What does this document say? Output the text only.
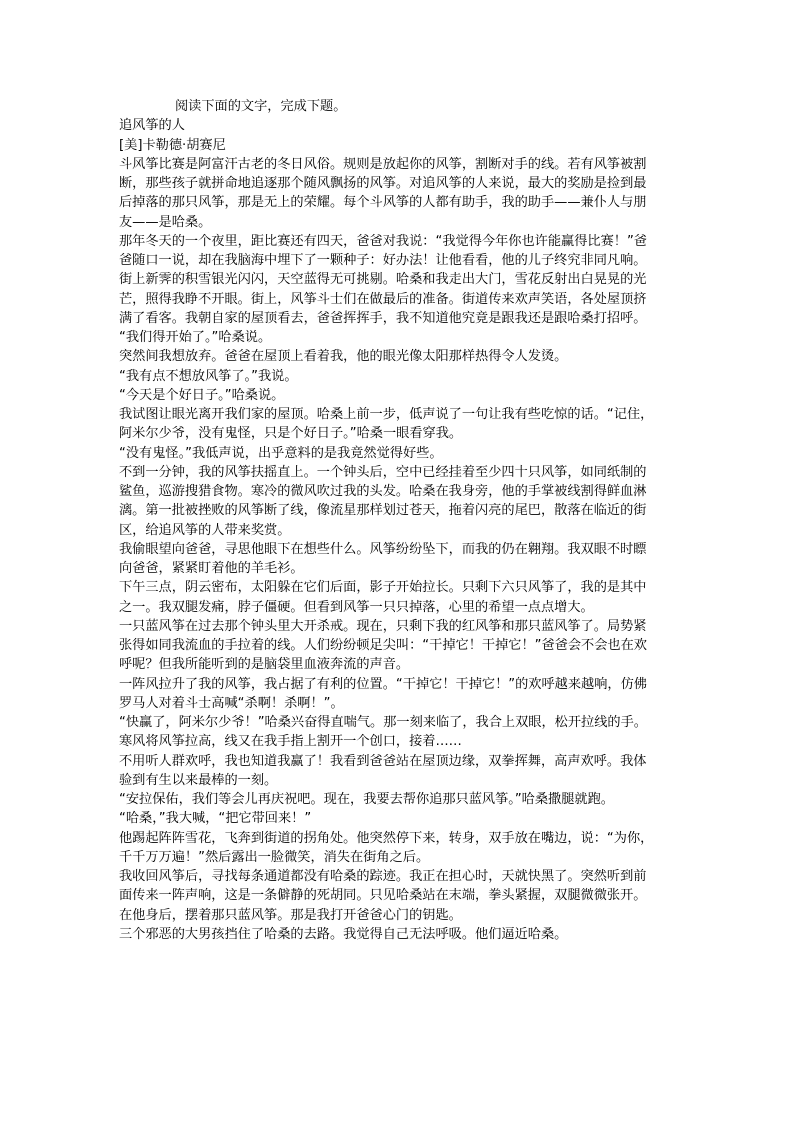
阅读下面的文字，完成下题。

追风筝的人

[美]卡勒德·胡赛尼

斗风筝比赛是阿富汗古老的冬日风俗。规则是放起你的风筝，割断对手的线。若有风筝被割

断，那些孩子就拼命地追逐那个随风飘扬的风筝。对追风筝的人来说，最大的奖励是捡到最

后掉落的那只风筝，那是无上的荣耀。每个斗风筝的人都有助手，我的助手——兼仆人与朋

友——是哈桑。

那年冬天的一个夜里，距比赛还有四天，爸爸对我说：“我觉得今年你也许能赢得比赛！”爸

爸随口一说，却在我脑海中埋下了一颗种子：好办法！让他看看，他的儿子终究非同凡响。

街上新霁的积雪银光闪闪，天空蓝得无可挑剔。哈桑和我走出大门，雪花反射出白晃晃的光

芒，照得我睁不开眼。街上，风筝斗士们在做最后的准备。街道传来欢声笑语，各处屋顶挤

满了看客。我朝自家的屋顶看去，爸爸挥挥手，我不知道他究竟是跟我还是跟哈桑打招呼。

“我们得开始了。”哈桑说。

突然间我想放弃。爸爸在屋顶上看着我，他的眼光像太阳那样热得令人发烫。

“我有点不想放风筝了。”我说。

“今天是个好日子。”哈桑说。

我试图让眼光离开我们家的屋顶。哈桑上前一步，低声说了一句让我有些吃惊的话。“记住，

阿米尔少爷，没有鬼怪，只是个好日子。”哈桑一眼看穿我。

“没有鬼怪。”我低声说，出乎意料的是我竟然觉得好些。

不到一分钟，我的风筝扶摇直上。一个钟头后，空中已经挂着至少四十只风筝，如同纸制的

鲨鱼，巡游搜猎食物。寒冷的微风吹过我的头发。哈桑在我身旁，他的手掌被线割得鲜血淋

漓。第一批被挫败的风筝断了线，像流星那样划过苍天，拖着闪亮的尾巴，散落在临近的街

区，给追风筝的人带来奖赏。

我偷眼望向爸爸，寻思他眼下在想些什么。风筝纷纷坠下，而我的仍在翱翔。我双眼不时瞟

向爸爸，紧紧盯着他的羊毛衫。

下午三点，阴云密布，太阳躲在它们后面，影子开始拉长。只剩下六只风筝了，我的是其中

之一。我双腿发痛，脖子僵硬。但看到风筝一只只掉落，心里的希望一点点增大。

一只蓝风筝在过去那个钟头里大开杀戒。现在，只剩下我的红风筝和那只蓝风筝了。局势紧

张得如同我流血的手拉着的线。人们纷纷顿足尖叫：“干掉它！干掉它！”爸爸会不会也在欢

呼呢？但我所能听到的是脑袋里血液奔流的声音。

一阵风拉升了我的风筝，我占据了有利的位置。“干掉它！干掉它！”的欢呼越来越响，仿佛

罗马人对着斗士高喊“杀啊！杀啊！”。

“快赢了，阿米尔少爷！”哈桑兴奋得直喘气。那一刻来临了，我合上双眼，松开拉线的手。

寒风将风筝拉高，线又在我手指上割开一个创口，接着……

不用听人群欢呼，我也知道我赢了！我看到爸爸站在屋顶边缘，双拳挥舞，高声欢呼。我体

验到有生以来最棒的一刻。

“安拉保佑，我们等会儿再庆祝吧。现在，我要去帮你追那只蓝风筝。”哈桑撒腿就跑。

“哈桑，”我大喊，“把它带回来！”

他踢起阵阵雪花，飞奔到街道的拐角处。他突然停下来，转身，双手放在嘴边，说：“为你，

千千万万遍！”然后露出一脸微笑，消失在街角之后。

我收回风筝后，寻找每条通道都没有哈桑的踪迹。我正在担心时，天就快黑了。突然听到前

面传来一阵声响，这是一条僻静的死胡同。只见哈桑站在末端，拳头紧握，双腿微微张开。

在他身后，摆着那只蓝风筝。那是我打开爸爸心门的钥匙。

三个邪恶的大男孩挡住了哈桑的去路。我觉得自己无法呼吸。他们逼近哈桑。
